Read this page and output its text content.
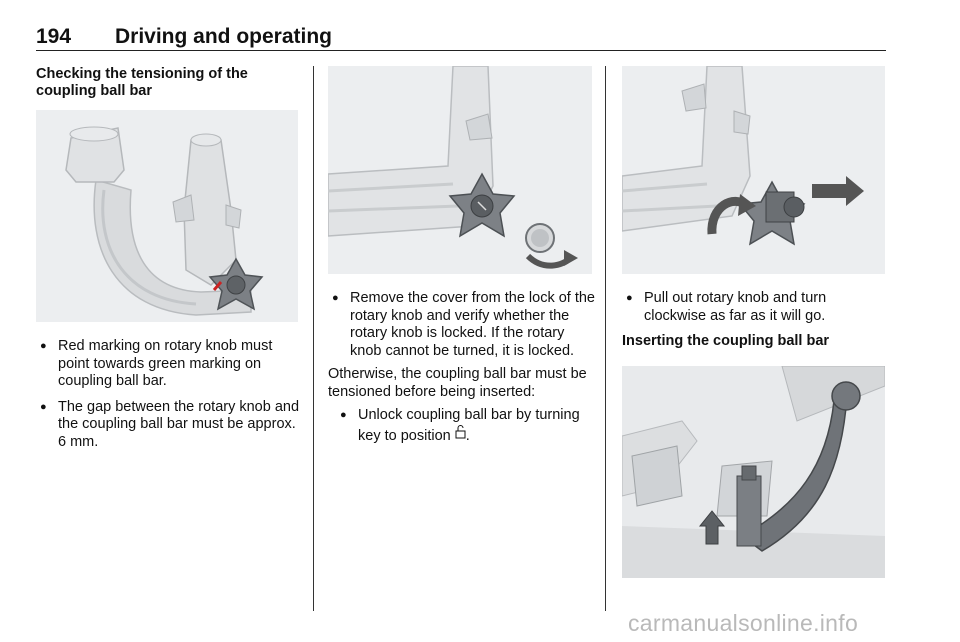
194 Driving and operating

Checking the tensioning of the coupling ball bar

● Red marking on rotary knob must point towards green marking on coupling ball bar.
● The gap between the rotary knob and the coupling ball bar must be approx. 6 mm.
● Remove the cover from the lock of the rotary knob and verify whether the rotary knob is locked. If the rotary knob cannot be turned, it is locked.

Otherwise, the coupling ball bar must be tensioned before being inserted:

● Unlock coupling ball bar by turning key to position .
● Pull out rotary knob and turn clockwise as far as it will go.

Inserting the coupling ball bar

carmanualsonline.info
